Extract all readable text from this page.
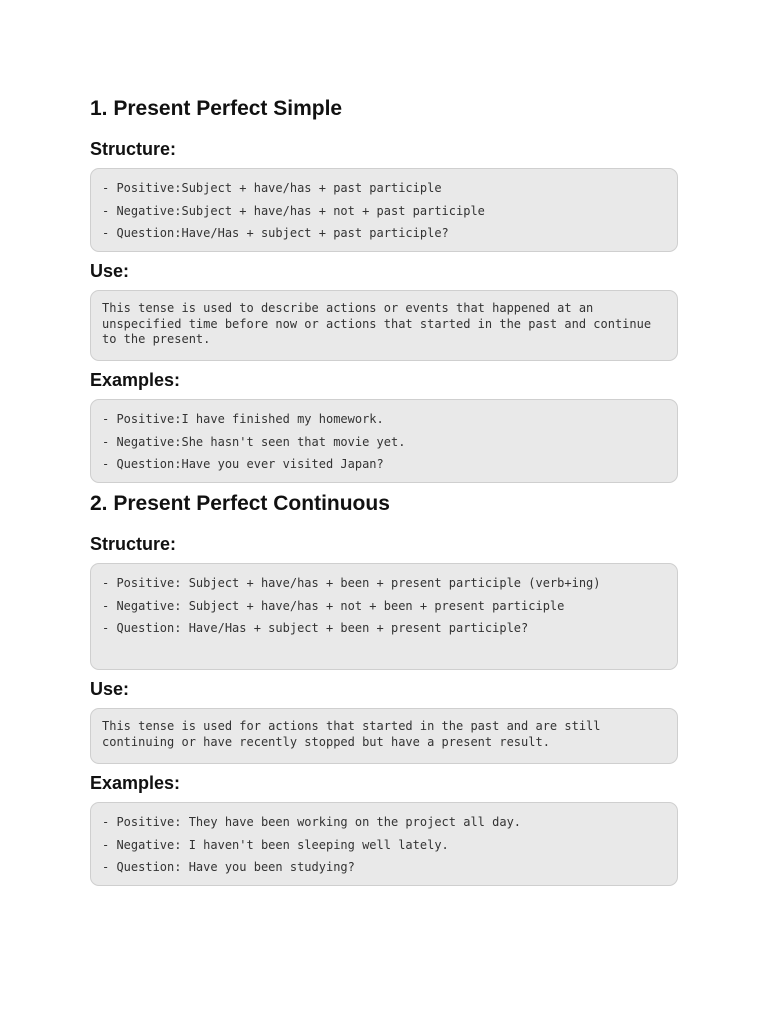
1. Present Perfect Simple
Structure:
- Positive:Subject + have/has + past participle
- Negative:Subject + have/has + not + past participle
- Question:Have/Has + subject + past participle?
Use:
This tense is used to describe actions or events that happened at an unspecified time before now or actions that started in the past and continue to the present.
Examples:
- Positive:I have finished my homework.
- Negative:She hasn't seen that movie yet.
- Question:Have you ever visited Japan?
2. Present Perfect Continuous
Structure:
- Positive: Subject + have/has + been + present participle (verb+ing)
- Negative: Subject + have/has + not + been + present participle
- Question: Have/Has + subject + been + present participle?
Use:
This tense is used for actions that started in the past and are still continuing or have recently stopped but have a present result.
Examples:
- Positive: They have been working on the project all day.
- Negative: I haven't been sleeping well lately.
- Question: Have you been studying?
